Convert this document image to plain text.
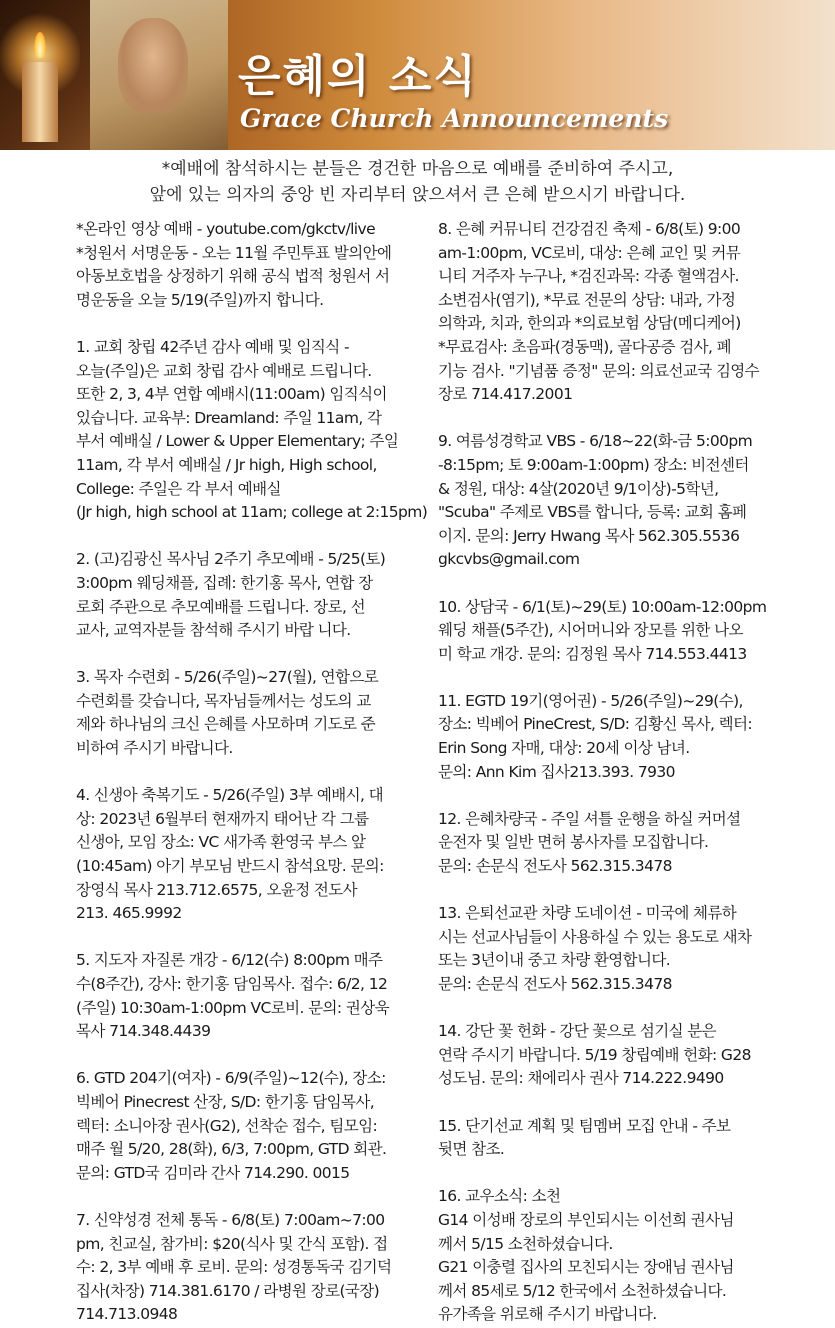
은혜의 소식
Grace Church Announcements
*예배에 참석하시는 분들은 경건한 마음으로 예배를 준비하여 주시고,
앞에 있는 의자의 중앙 빈 자리부터 앉으셔서 큰 은혜 받으시기 바랍니다.
*온라인 영상 예배 - youtube.com/gkctv/live
*청원서 서명운동 - 오는 11월 주민투표 발의안에
아동보호법을 상정하기 위해 공식 법적 청원서 서
명운동을 오늘 5/19(주일)까지 합니다.
1. 교회 창립 42주년 감사 예배 및 임직식 -
오늘(주일)은 교회 창립 감사 예배로 드립니다.
또한 2, 3, 4부 연합 예배시(11:00am) 임직식이
있습니다. 교육부: Dreamland: 주일 11am, 각
부서 예배실 / Lower & Upper Elementary; 주일
11am, 각 부서 예배실 / Jr high, High school,
College: 주일은 각 부서 예배실
(Jr high, high school at 11am; college at 2:15pm)
2. (고)김광신 목사님 2주기 추모예배 - 5/25(토)
3:00pm 웨딩채플, 집례: 한기홍 목사, 연합 장
로회 주관으로 추모예배를 드립니다. 장로, 선
교사, 교역자분들 참석해 주시기 바랍 니다.
3. 목자 수련회 - 5/26(주일)~27(월), 연합으로
수련회를 갖습니다, 목자님들께서는 성도의 교
제와 하나님의 크신 은혜를 사모하며 기도로 준
비하여 주시기 바랍니다.
4. 신생아 축복기도 - 5/26(주일) 3부 예배시, 대
상: 2023년 6월부터 현재까지 태어난 각 그룹
신생아, 모임 장소: VC 새가족 환영국 부스 앞
(10:45am) 아기 부모님 반드시 참석요망. 문의:
장영식 목사 213.712.6575, 오윤정 전도사
213. 465.9992
5. 지도자 자질론 개강 - 6/12(수) 8:00pm 매주
수(8주간), 강사: 한기홍 담임목사. 접수: 6/2, 12
(주일) 10:30am-1:00pm VC로비. 문의: 권상욱
목사 714.348.4439
6. GTD 204기(여자) - 6/9(주일)~12(수), 장소:
빅베어 Pinecrest 산장, S/D: 한기홍 담임목사,
렉터: 소니아장 권사(G2), 선착순 접수, 팀모임:
매주 월 5/20, 28(화), 6/3, 7:00pm, GTD 회관.
문의: GTD국 김미라 간사 714.290. 0015
7. 신약성경 전체 통독 - 6/8(토) 7:00am~7:00
pm, 친교실, 참가비: $20(식사 및 간식 포함). 접
수: 2, 3부 예배 후 로비. 문의: 성경통독국 김기덕
집사(차장) 714.381.6170 / 라병원 장로(국장)
714.713.0948
8. 은혜 커뮤니티 건강검진 축제 - 6/8(토) 9:00
am-1:00pm, VC로비, 대상: 은혜 교인 및 커뮤
니티 거주자 누구나, *검진과목: 각종 혈액검사.
소변검사(염기), *무료 전문의 상담: 내과, 가정
의학과, 치과, 한의과 *의료보험 상담(메디케어)
*무료검사: 초음파(경동맥), 골다공증 검사, 폐
기능 검사. "기념품 증정" 문의: 의료선교국 김영수
장로 714.417.2001
9. 여름성경학교 VBS - 6/18~22(화-금 5:00pm
-8:15pm; 토 9:00am-1:00pm) 장소: 비전센터
& 정원, 대상: 4살(2020년 9/1이상)-5학년,
"Scuba" 주제로 VBS를 합니다, 등록: 교회 홈페
이지. 문의: Jerry Hwang 목사 562.305.5536
gkcvbs@gmail.com
10. 상담국 - 6/1(토)~29(토) 10:00am-12:00pm
웨딩 채플(5주간), 시어머니와 장모를 위한 나오
미 학교 개강. 문의: 김정원 목사 714.553.4413
11. EGTD 19기(영어권) - 5/26(주일)~29(수),
장소: 빅베어 PineCrest, S/D: 김황신 목사, 렉터:
Erin Song 자매, 대상: 20세 이상 남녀.
문의: Ann Kim 집사213.393. 7930
12. 은혜차량국 - 주일 셔틀 운행을 하실 커머셜
운전자 및 일반 면허 봉사자를 모집합니다.
문의: 손문식 전도사 562.315.3478
13. 은퇴선교관 차량 도네이션 - 미국에 체류하
시는 선교사님들이 사용하실 수 있는 용도로 새차
또는 3년이내 중고 차량 환영합니다.
문의: 손문식 전도사 562.315.3478
14. 강단 꽃 헌화 - 강단 꽃으로 섬기실 분은
연락 주시기 바랍니다. 5/19 창립예배 헌화: G28
성도님. 문의: 채에리사 권사 714.222.9490
15. 단기선교 계획 및 팀멤버 모집 안내 - 주보
뒷면 참조.
16. 교우소식: 소천
G14 이성배 장로의 부인되시는 이선희 권사님
께서 5/15 소천하셨습니다.
G21 이충렬 집사의 모친되시는 장애님 권사님
께서 85세로 5/12 한국에서 소천하셨습니다.
유가족을 위로해 주시기 바랍니다.
